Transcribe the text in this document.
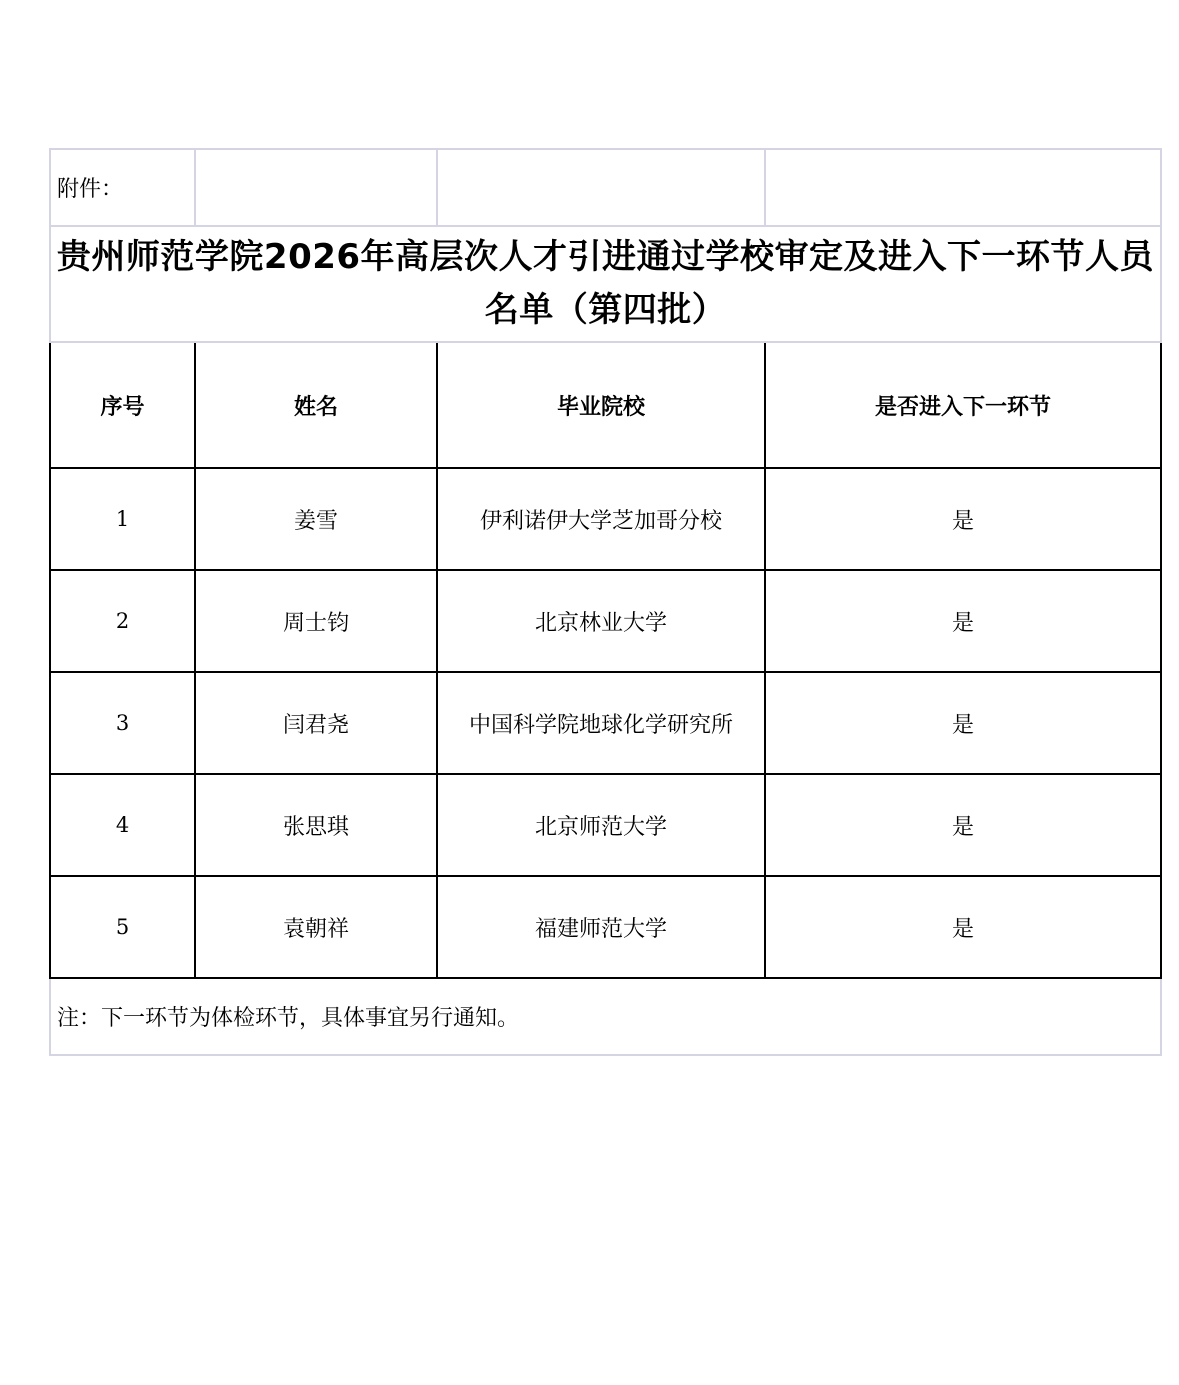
附件：			
贵州师范学院2026年高层次人才引进通过学校审定及进入下一环节人员名单（第四批）			
序号	姓名	毕业院校	是否进入下一环节
1	姜雪	伊利诺伊大学芝加哥分校	是
2	周士钧	北京林业大学	是
3	闫君尧	中国科学院地球化学研究所	是
4	张思琪	北京师范大学	是
5	袁朝祥	福建师范大学	是
注：下一环节为体检环节，具体事宜另行通知。			
